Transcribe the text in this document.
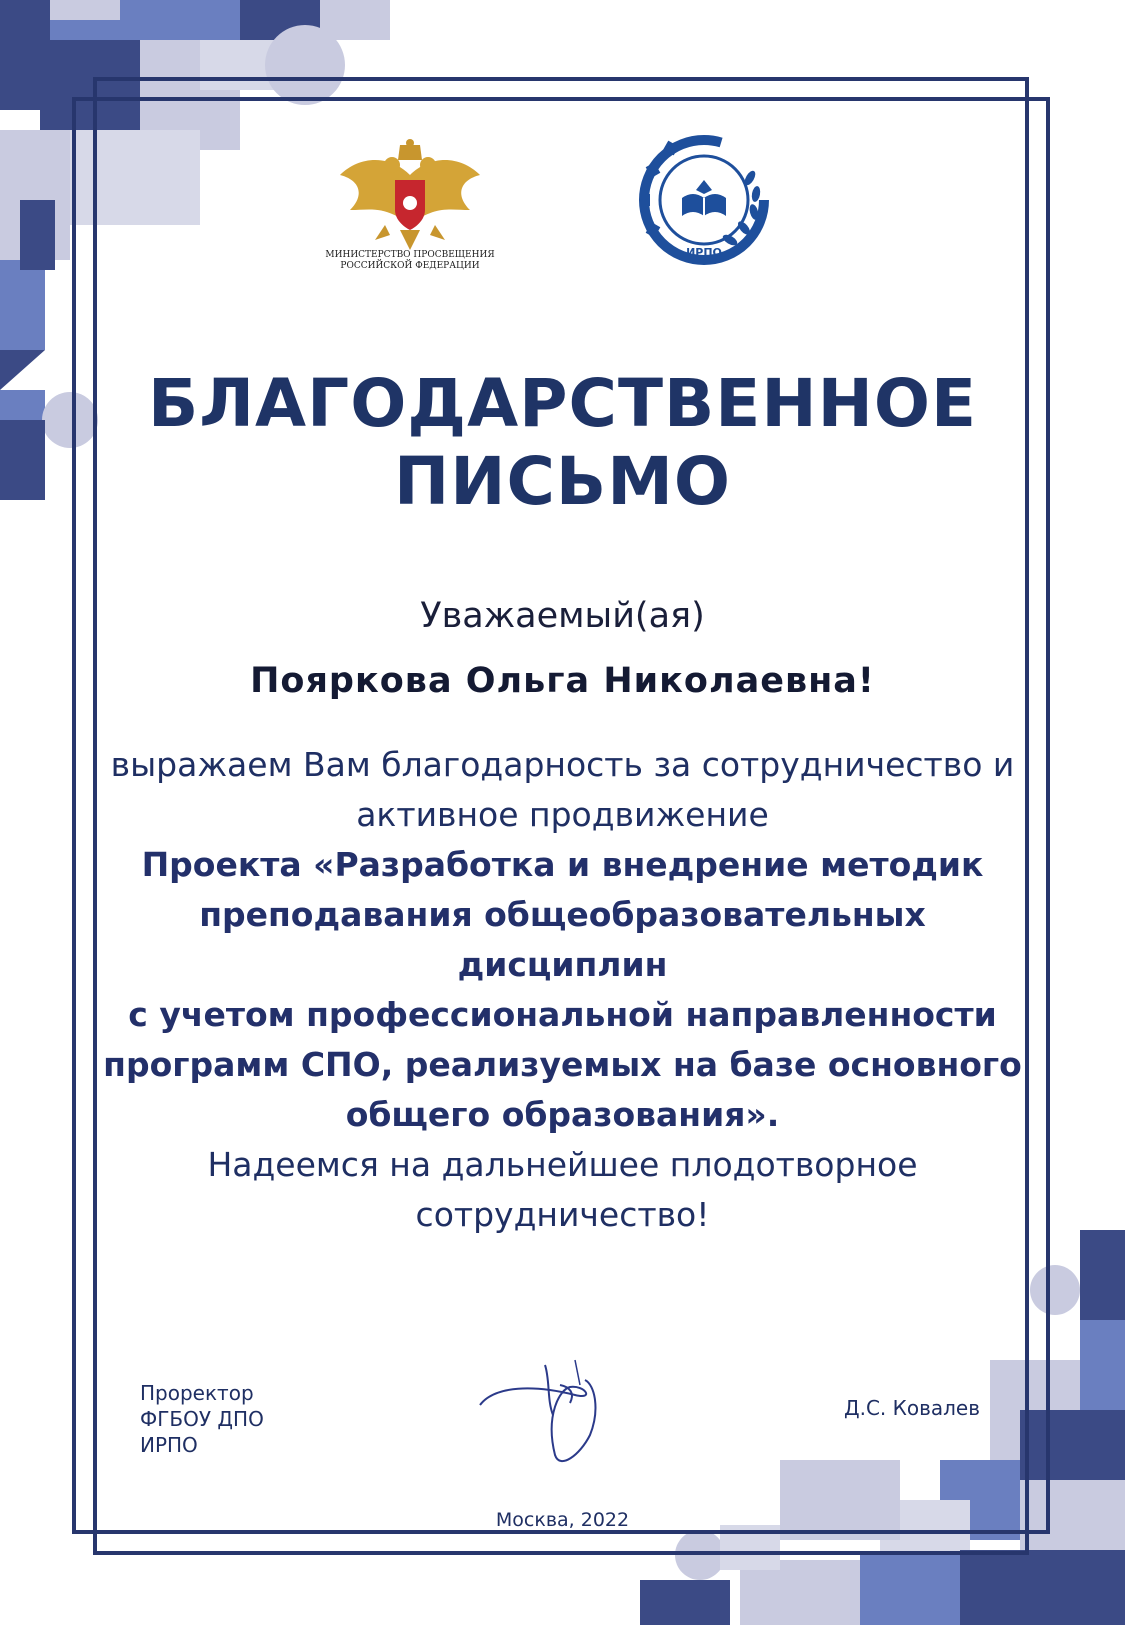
МИНИСТЕРСТВО ПРОСВЕЩЕНИЯ
РОССИЙСКОЙ ФЕДЕРАЦИИ
ИРПО
БЛАГОДАРСТВЕННОЕ
ПИСЬМО
Уважаемый(ая)
Пояркова Ольга Николаевна!
выражаем Вам благодарность за сотрудничество и
активное продвижение
Проекта «Разработка и внедрение методик
преподавания общеобразовательных дисциплин
с учетом профессиональной направленности
программ СПО, реализуемых на базе основного
общего образования».
Надеемся на дальнейшее плодотворное
сотрудничество!
Проректор
ФГБОУ ДПО
ИРПО
Д.С. Ковалев
Москва, 2022
